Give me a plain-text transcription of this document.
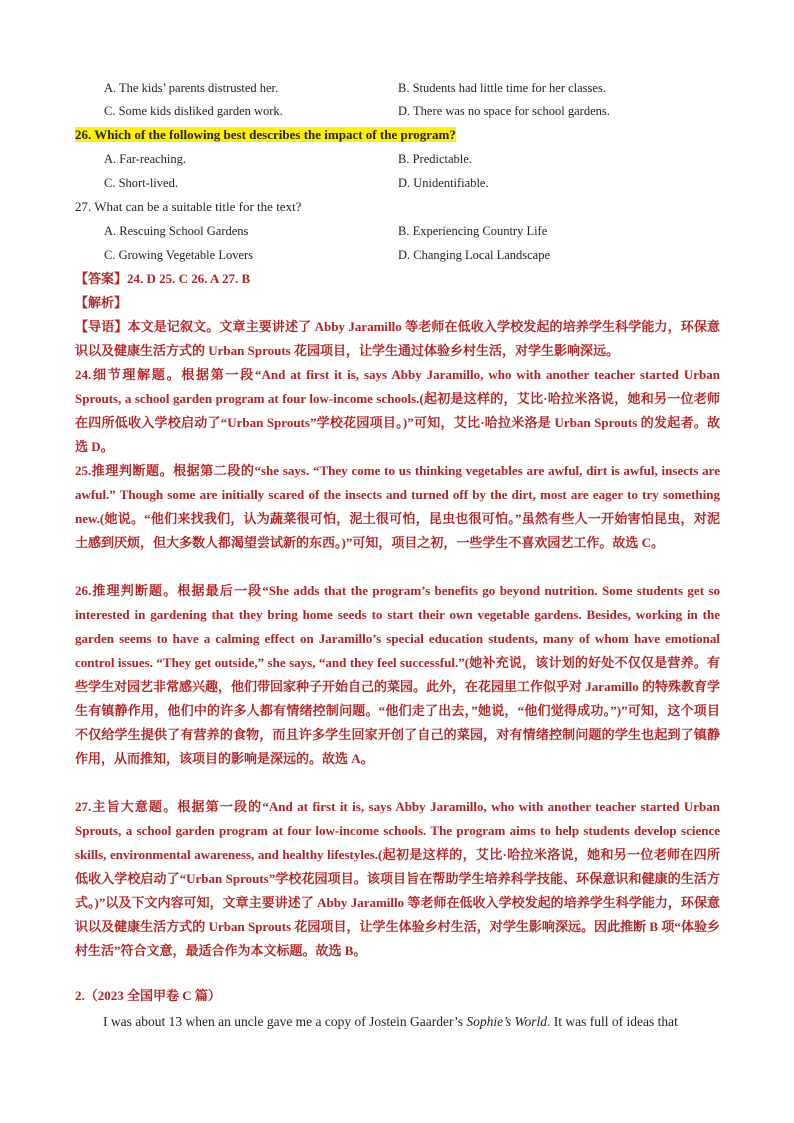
A. The kids’ parents distrusted her.	B. Students had little time for her classes.
C. Some kids disliked garden work.	D. There was no space for school gardens.
26. Which of the following best describes the impact of the program?
A. Far-reaching.	B. Predictable.
C. Short-lived.	D. Unidentifiable.
27. What can be a suitable title for the text?
A. Rescuing School Gardens	B. Experiencing Country Life
C. Growing Vegetable Lovers	D. Changing Local Landscape
【答案】24. D 25. C 26. A 27. B
【解析】
【导语】本文是记叙文。文章主要讲述了 Abby Jaramillo 等老师在低收入学校发起的培养学生科学能力，环保意识以及健康生活方式的 Urban Sprouts 花园项目，让学生通过体验乡村生活，对学生影响深远。
24.细节理解题。根据第一段“And at first it is, says Abby Jaramillo, who with another teacher started Urban Sprouts, a school garden program at four low-income schools.(起初是这样的，艾比·哈拉米洛说，她和另一位老师在四所低收入学校启动了“Urban Sprouts”学校花园项目。)”可知，艾比·哈拉米洛是 Urban Sprouts 的发起者。故选 D。
25.推理判断题。根据第二段的“she says. “They come to us thinking vegetables are awful, dirt is awful, insects are awful.” Though some are initially scared of the insects and turned off by the dirt, most are eager to try something new.(她说。“他们来找我们，认为蔬菜很可怕，泥土很可怕，昆虫也很可怕。”虽然有些人一开始害怕昆虫，对泥土感到厌烦，但大多数人都渴望尝试新的东西。)”可知，项目之初，一些学生不喜欢园艺工作。故选 C。
26.推理判断题。根据最后一段“She adds that the program’s benefits go beyond nutrition. Some students get so interested in gardening that they bring home seeds to start their own vegetable gardens. Besides, working in the garden seems to have a calming effect on Jaramillo’s special education students, many of whom have emotional control issues. “They get outside,” she says, “and they feel successful.”(她补充说，该计划的好处不仅仅是营养。有些学生对园艺非常感兴趣，他们带回家种子开始自己的菜园。此外，在花园里工作似乎对 Jaramillo 的特殊教育学生有镇静作用，他们中的许多人都有情绪控制问题。“他们走了出去，”她说，“他们觉得成功。”)”可知，这个项目不仅给学生提供了有营养的食物，而且许多学生回家开创了自己的菜园，对有情绪控制问题的学生也起到了镇静作用，从而推知，该项目的影响是深远的。故选 A。
27.主旨大意题。根据第一段的“And at first it is, says Abby Jaramillo, who with another teacher started Urban Sprouts, a school garden program at four low-income schools. The program aims to help students develop science skills, environmental awareness, and healthy lifestyles.(起初是这样的，艾比·哈拉米洛说，她和另一位老师在四所低收入学校启动了“Urban Sprouts”学校花园项目。该项目旨在帮助学生培养科学技能、环保意识和健康的生活方式。)”以及下文内容可知，文章主要讲述了 Abby Jaramillo 等老师在低收入学校发起的培养学生科学能力，环保意识以及健康生活方式的 Urban Sprouts 花园项目，让学生体验乡村生活，对学生影响深远。因此推断 B 项“体验乡村生活”符合文意，最适合作为本文标题。故选 B。
2.（2023 全国甲卷 C 篇）
I was about 13 when an uncle gave me a copy of Jostein Gaarder’s Sophie’s World. It was full of ideas that
